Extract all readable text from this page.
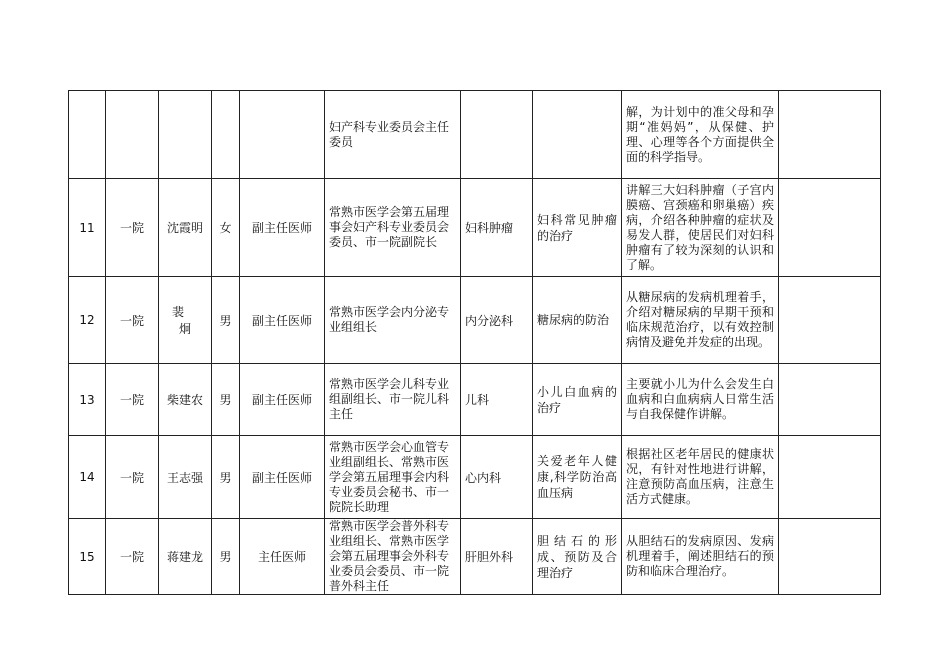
					妇产科专业委员会主任委员			解，为计划中的准父母和孕期“准妈妈”，从保健、护理、心理等各个方面提供全面的科学指导。	
11	一院	沈霞明	女	副主任医师	常熟市医学会第五届理事会妇产科专业委员会委员、市一院副院长	妇科肿瘤	妇科常见肿瘤的治疗	讲解三大妇科肿瘤（子宫内膜癌、宫颈癌和卵巢癌）疾病，介绍各种肿瘤的症状及易发人群，使居民们对妇科肿瘤有了较为深刻的认识和了解。	
12	一院	裴 炯	男	副主任医师	常熟市医学会内分泌专业组组长	内分泌科	糖尿病的防治	从糖尿病的发病机理着手，介绍对糖尿病的早期干预和临床规范治疗，以有效控制病情及避免并发症的出现。	
13	一院	柴建农	男	副主任医师	常熟市医学会儿科专业组副组长、市一院儿科主任	儿科	小儿白血病的治疗	主要就小儿为什么会发生白血病和白血病病人日常生活与自我保健作讲解。	
14	一院	王志强	男	副主任医师	常熟市医学会心血管专业组副组长、常熟市医学会第五届理事会内科专业委员会秘书、市一院院长助理	心内科	关爱老年人健康,科学防治高血压病	根据社区老年居民的健康状况，有针对性地进行讲解，注意预防高血压病，注意生活方式健康。	
15	一院	蒋建龙	男	主任医师	常熟市医学会普外科专业组组长、常熟市医学会第五届理事会外科专业委员会委员、市一院普外科主任	肝胆外科	胆结石的形成、预防及合理治疗	从胆结石的发病原因、发病机理着手，阐述胆结石的预防和临床合理治疗。	
